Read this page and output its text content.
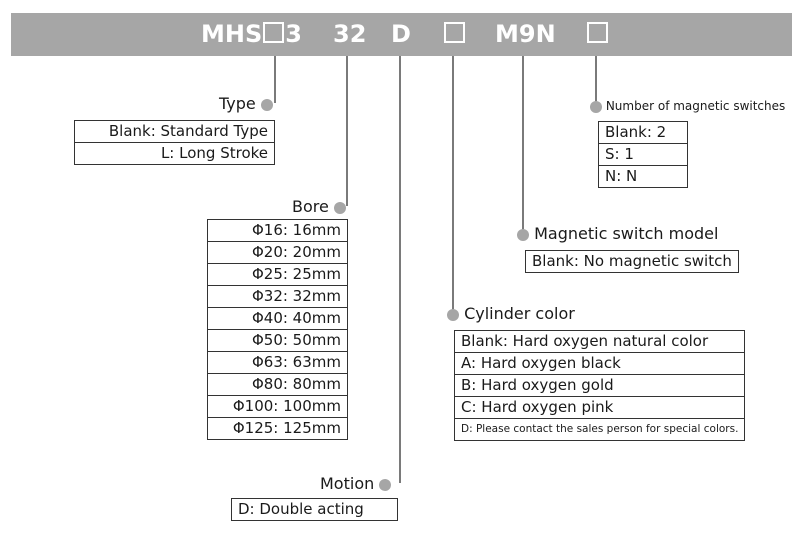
MHS 3 32 D	M9N
Type
Blank: Standard Type
L: Long Stroke
Bore
Φ16: 16mm
Φ20: 20mm
Φ25: 25mm
Φ32: 32mm
Φ40: 40mm
Φ50: 50mm
Φ63: 63mm
Φ80: 80mm
Φ100: 100mm
Φ125: 125mm
Motion
D: Double acting
Cylinder color
Blank: Hard oxygen natural color
A: Hard oxygen black
B: Hard oxygen gold
C: Hard oxygen pink
D: Please contact the sales person for special colors.
Magnetic switch model
Blank: No magnetic switch
Number of magnetic switches
Blank: 2
S: 1
N: N
